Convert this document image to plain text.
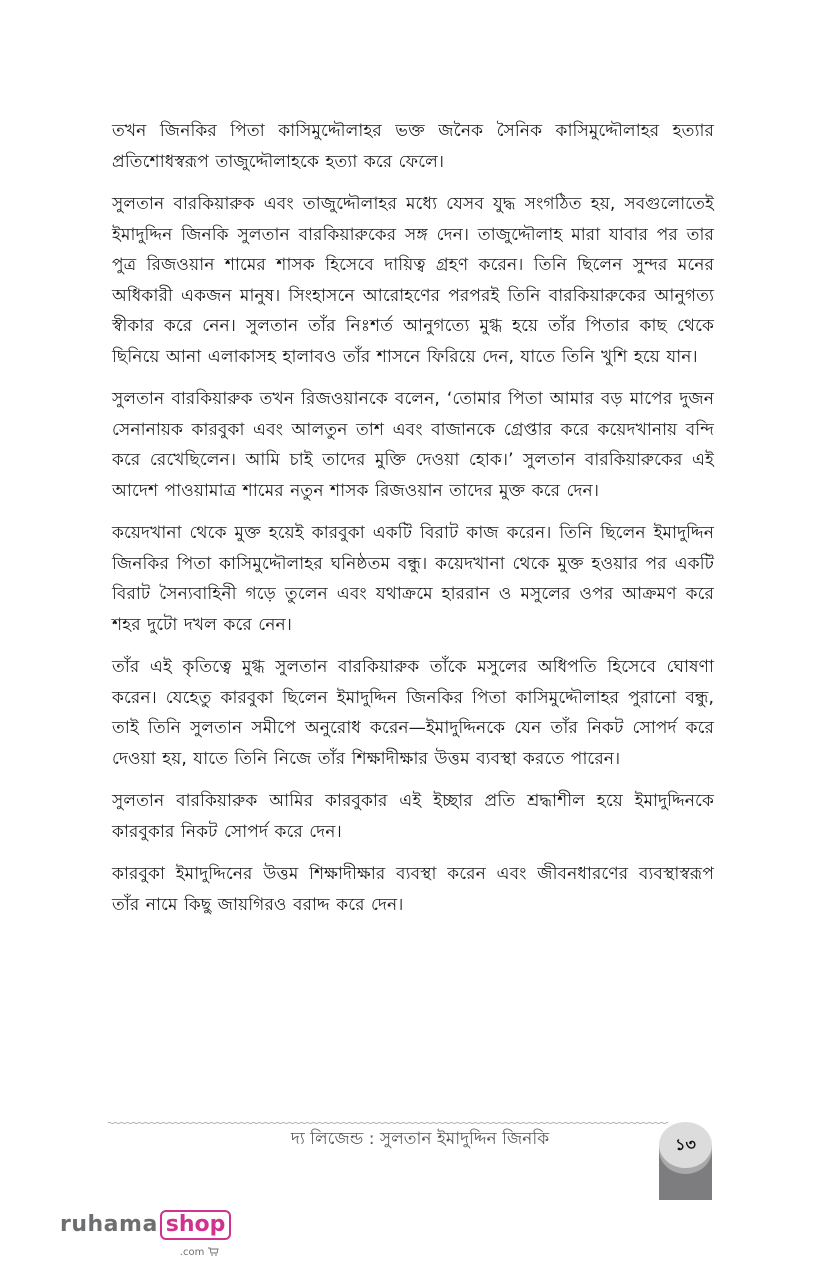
তখন জিনকির পিতা কাসিমুদ্দৌলাহর ভক্ত জনৈক সৈনিক কাসিমুদ্দৌলাহর হত্যার প্রতিশোধস্বরূপ তাজুদ্দৌলাহকে হত্যা করে ফেলে।

সুলতান বারকিয়ারুক এবং তাজুদ্দৌলাহর মধ্যে যেসব যুদ্ধ সংগঠিত হয়, সবগুলোতেই ইমাদুদ্দিন জিনকি সুলতান বারকিয়ারুকের সঙ্গ দেন। তাজুদ্দৌলাহ মারা যাবার পর তার পুত্র রিজওয়ান শামের শাসক হিসেবে দায়িত্ব গ্রহণ করেন। তিনি ছিলেন সুন্দর মনের অধিকারী একজন মানুষ। সিংহাসনে আরোহণের পরপরই তিনি বারকিয়ারুকের আনুগত্য স্বীকার করে নেন। সুলতান তাঁর নিঃশর্ত আনুগত্যে মুগ্ধ হয়ে তাঁর পিতার কাছ থেকে ছিনিয়ে আনা এলাকাসহ হালাবও তাঁর শাসনে ফিরিয়ে দেন, যাতে তিনি খুশি হয়ে যান।

সুলতান বারকিয়ারুক তখন রিজওয়ানকে বলেন, ‘তোমার পিতা আমার বড় মাপের দুজন সেনানায়ক কারবুকা এবং আলতুন তাশ এবং বাজানকে গ্রেপ্তার করে কয়েদখানায় বন্দি করে রেখেছিলেন। আমি চাই তাদের মুক্তি দেওয়া হোক।’ সুলতান বারকিয়ারুকের এই আদেশ পাওয়ামাত্র শামের নতুন শাসক রিজওয়ান তাদের মুক্ত করে দেন।

কয়েদখানা থেকে মুক্ত হয়েই কারবুকা একটি বিরাট কাজ করেন। তিনি ছিলেন ইমাদুদ্দিন জিনকির পিতা কাসিমুদ্দৌলাহর ঘনিষ্ঠতম বন্ধু। কয়েদখানা থেকে মুক্ত হওয়ার পর একটি বিরাট সৈন্যবাহিনী গড়ে তুলেন এবং যথাক্রমে হাররান ও মসুলের ওপর আক্রমণ করে শহর দুটো দখল করে নেন।

তাঁর এই কৃতিত্বে মুগ্ধ সুলতান বারকিয়ারুক তাঁকে মসুলের অধিপতি হিসেবে ঘোষণা করেন। যেহেতু কারবুকা ছিলেন ইমাদুদ্দিন জিনকির পিতা কাসিমুদ্দৌলাহর পুরানো বন্ধু, তাই তিনি সুলতান সমীপে অনুরোধ করেন—ইমাদুদ্দিনকে যেন তাঁর নিকট সোপর্দ করে দেওয়া হয়, যাতে তিনি নিজে তাঁর শিক্ষাদীক্ষার উত্তম ব্যবস্থা করতে পারেন।

সুলতান বারকিয়ারুক আমির কারবুকার এই ইচ্ছার প্রতি শ্রদ্ধাশীল হয়ে ইমাদুদ্দিনকে কারবুকার নিকট সোপর্দ করে দেন।

কারবুকা ইমাদুদ্দিনের উত্তম শিক্ষাদীক্ষার ব্যবস্থা করেন এবং জীবনধারণের ব্যবস্থাস্বরূপ তাঁর নামে কিছু জায়গিরও বরাদ্দ করে দেন।

দ্য লিজেন্ড : সুলতান ইমাদুদ্দিন জিনকি	১৩
ruhama shop
.com
